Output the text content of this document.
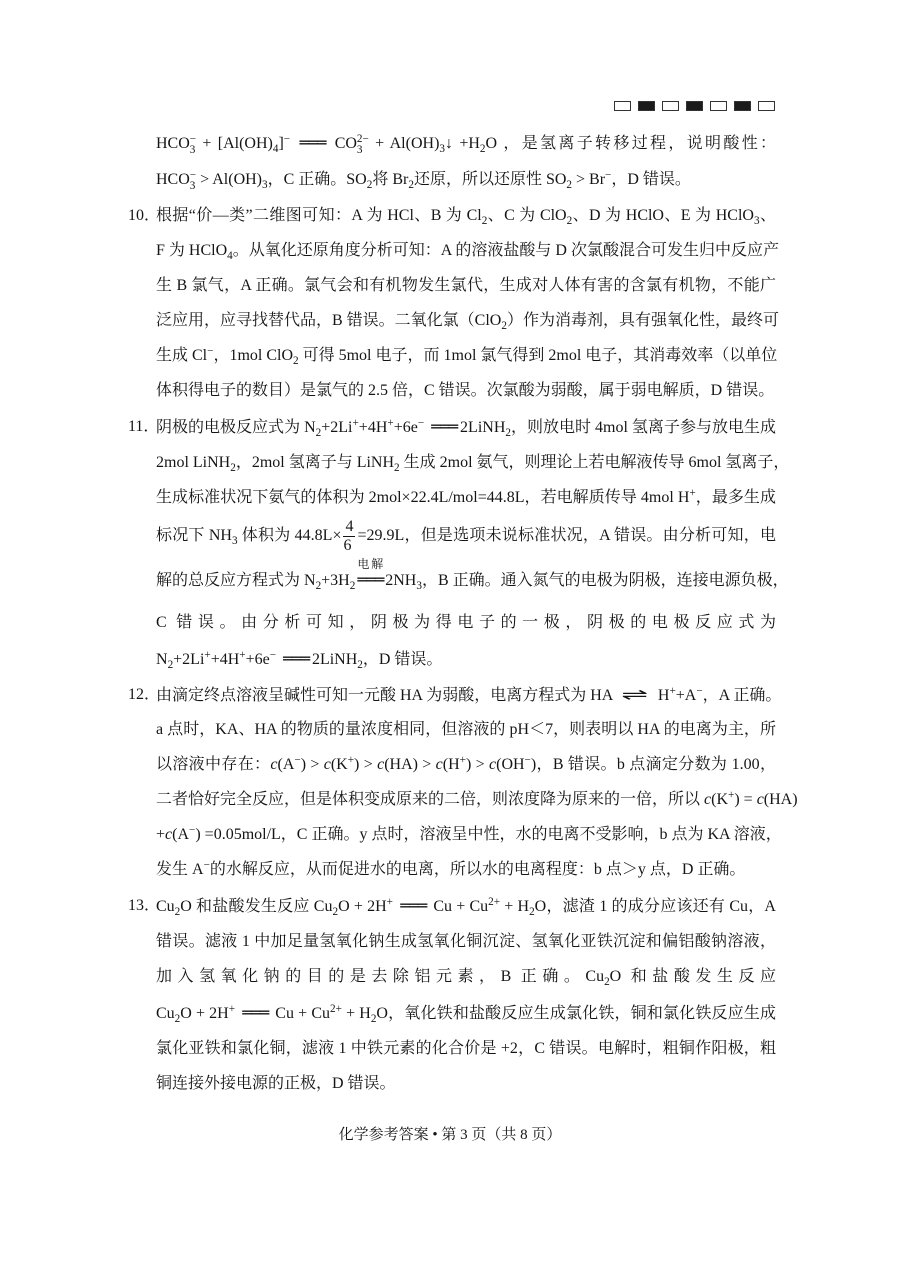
HCO −
$3 + [Al(OH)_4]^-$ ═══ CO 2−
$3 + Al(OH)_3↓ +H_2O$ ，是氢离子转移过程，说明酸性：
HCO −
$3 > Al(OH)_3$，C 正确。$SO_2$将 $Br_2$还原，所以还原性 $SO_2 > Br^-$，D 错误。
根据“价—类”二维图可知：A 为 HCl、B 为 $Cl_2$、C 为 ClO$_2$、D 为 HClO、E 为 HClO$_3$、
F 为 HClO$_4$。从氧化还原角度分析可知：A 的溶液盐酸与 D 次氯酸混合可发生归中反应产
生 B 氯气，A 正确。氯气会和有机物发生氯代，生成对人体有害的含氯有机物，不能广
泛应用，应寻找替代品，B 错误。二氧化氯（ClO$_2$）作为消毒剂，具有强氧化性，最终可
生成 Cl−，1mol ClO$_2$ 可得 5mol 电子，而 1mol 氯气得到 2mol 电子，其消毒效率（以单位
体积得电子的数目）是氯气的 2.5 倍，C 错误。次氯酸为弱酸，属于弱电解质，D 错误。
10．
阴极的电极反应式为 $N_2+2Li^++4H^++6e^-$ ═══ 2LiNH$_2$，则放电时 4mol 氢离子参与放电生成
2mol LiNH$_2$，2mol 氢离子与 LiNH$_2$ 生成 2mol 氨气，则理论上若电解液传导 6mol 氢离子，
生成标准状况下氨气的体积为 2mol×22.4L/mol=44.8L，若电解质传导 4mol H+，最多生成
标况下 $NH_3$ 体积为 $44.8L\times \frac{4}{6} =29.9L$，但是选项未说标准状况，A 错误。由分析可知，电
解的总反应方程式为 $N_2+3H_2$
电解
═══ $2NH_3$，B 正确。通入氮气的电极为阴极，连接电源负极，
C 错误。由分析可知，阴极为得电子的一极，阴极的电极反应式为
$N_2+2Li^++4H^++6e^-$ ═══ 2LiNH$_2$，D 错误。
11．
由滴定终点溶液呈碱性可知一元酸 HA 为弱酸，电离方程式为 HA ⇌ H++A−，A 正确。
a 点时，KA、HA 的物质的量浓度相同，但溶液的 pH＜7，则表明以 HA 的电离为主，所
以溶液中存在：c(A−) > c(K+) > c(HA) > c(H+) > c(OH−)，B 错误。b 点滴定分数为 1.00，
二者恰好完全反应，但是体积变成原来的二倍，则浓度降为原来的一倍，所以 c(K+) = c(HA)
+c(A−) =0.05mol/L，C 正确。y 点时，溶液呈中性，水的电离不受影响，b 点为 KA 溶液，
发生 A−的水解反应，从而促进水的电离，所以水的电离程度：b 点＞y 点，D 正确。
12．
$Cu_2O$ 和盐酸发生反应 $Cu_2O + 2H^+$ ═══ $Cu + Cu^{2+} + H_2O$，滤渣 1 的成分应该还有 Cu，A
错误。滤液 1 中加足量氢氧化钠生成氢氧化铜沉淀、氢氧化亚铁沉淀和偏铝酸钠溶液，
加入氢氧化钠的目的是去除铝元素，B 正确。$Cu_2O$ 和盐酸发生反应
$Cu_2O + 2H^+$ ═══ $Cu + Cu^{2+} + H_2O$，氧化铁和盐酸反应生成氯化铁，铜和氯化铁反应生成
氯化亚铁和氯化铜，滤液 1 中铁元素的化合价是 +2，C 错误。电解时，粗铜作阳极，粗
铜连接外接电源的正极，D 错误。
13．
化学参考答案 • 第 3 页（共 8 页）
